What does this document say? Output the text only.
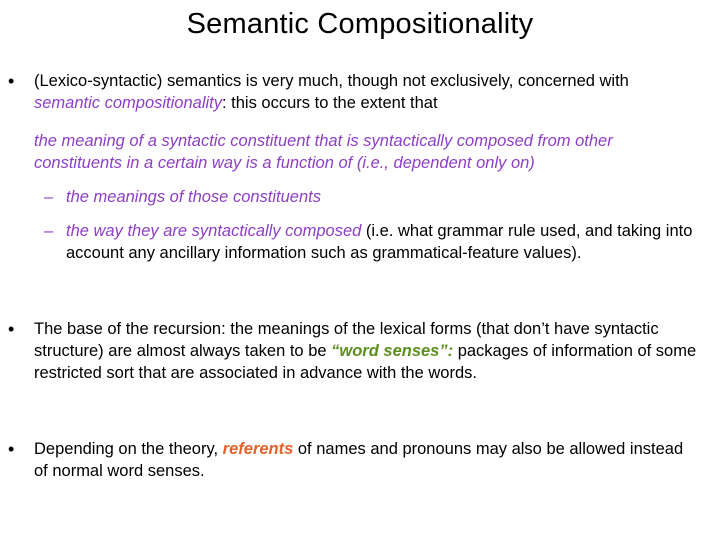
Semantic Compositionality
• (Lexico-syntactic) semantics is very much, though not exclusively, concerned with semantic compositionality: this occurs to the extent that
the meaning of a syntactic constituent that is syntactically composed from other constituents in a certain way is a function of (i.e., dependent only on)
– the meanings of those constituents
– the way they are syntactically composed (i.e. what grammar rule used, and taking into account any ancillary information such as grammatical-feature values).
• The base of the recursion: the meanings of the lexical forms (that don’t have syntactic structure) are almost always taken to be “word senses”: packages of information of some restricted sort that are associated in advance with the words.
• Depending on the theory, referents of names and pronouns may also be allowed instead of normal word senses.
